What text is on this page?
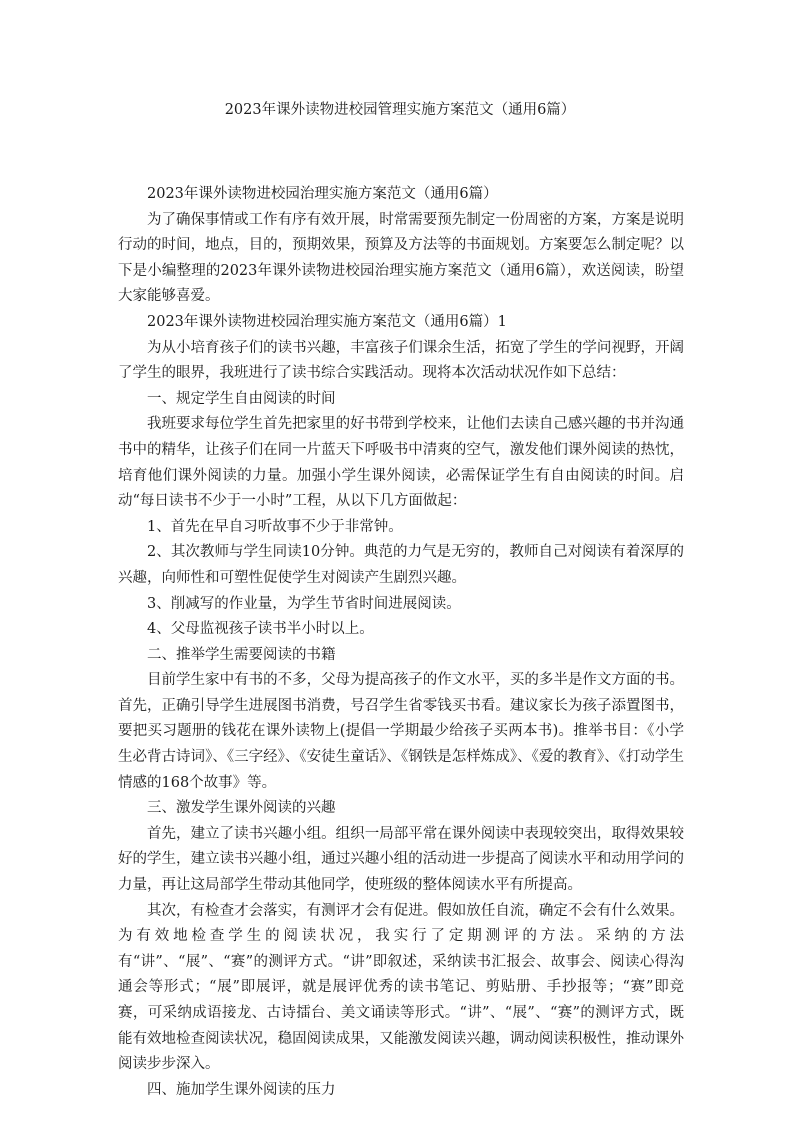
2023年课外读物进校园管理实施方案范文（通用6篇）

2023年课外读物进校园治理实施方案范文（通用6篇）

为了确保事情或工作有序有效开展，时常需要预先制定一份周密的方案，方案是说明行动的时间，地点，目的，预期效果，预算及方法等的书面规划。方案要怎么制定呢？以下是小编整理的2023年课外读物进校园治理实施方案范文（通用6篇），欢送阅读，盼望大家能够喜爱。

2023年课外读物进校园治理实施方案范文（通用6篇）1

为从小培育孩子们的读书兴趣，丰富孩子们课余生活，拓宽了学生的学问视野，开阔了学生的眼界，我班进行了读书综合实践活动。现将本次活动状况作如下总结：

一、规定学生自由阅读的时间

我班要求每位学生首先把家里的好书带到学校来，让他们去读自己感兴趣的书并沟通书中的精华，让孩子们在同一片蓝天下呼吸书中清爽的空气，激发他们课外阅读的热忱，培育他们课外阅读的力量。加强小学生课外阅读，必需保证学生有自由阅读的时间。启动“每日读书不少于一小时”工程，从以下几方面做起：

1、首先在早自习听故事不少于非常钟。

2、其次教师与学生同读10分钟。典范的力气是无穷的，教师自己对阅读有着深厚的兴趣，向师性和可塑性促使学生对阅读产生剧烈兴趣。

3、削减写的作业量，为学生节省时间进展阅读。

4、父母监视孩子读书半小时以上。

二、推举学生需要阅读的书籍

目前学生家中有书的不多，父母为提高孩子的作文水平，买的多半是作文方面的书。首先，正确引导学生进展图书消费，号召学生省零钱买书看。建议家长为孩子添置图书，要把买习题册的钱花在课外读物上(提倡一学期最少给孩子买两本书)。推举书目：《小学生必背古诗词》、《三字经》、《安徒生童话》、《钢铁是怎样炼成》、《爱的教育》、《打动学生情感的168个故事》等。

三、激发学生课外阅读的兴趣

首先，建立了读书兴趣小组。组织一局部平常在课外阅读中表现较突出，取得效果较好的学生，建立读书兴趣小组，通过兴趣小组的活动进一步提高了阅读水平和动用学问的力量，再让这局部学生带动其他同学，使班级的整体阅读水平有所提高。

其次，有检查才会落实，有测评才会有促进。假如放任自流，确定不会有什么效果。为有效地检查学生的阅读状况，我实行了定期测评的方法。采纳的方法有“讲”、“展”、“赛”的测评方式。“讲”即叙述，采纳读书汇报会、故事会、阅读心得沟通会等形式；“展”即展评，就是展评优秀的读书笔记、剪贴册、手抄报等；“赛”即竞赛，可采纳成语接龙、古诗擂台、美文诵读等形式。“讲”、“展”、“赛”的测评方式，既能有效地检查阅读状况，稳固阅读成果，又能激发阅读兴趣，调动阅读积极性，推动课外阅读步步深入。

四、施加学生课外阅读的压力
